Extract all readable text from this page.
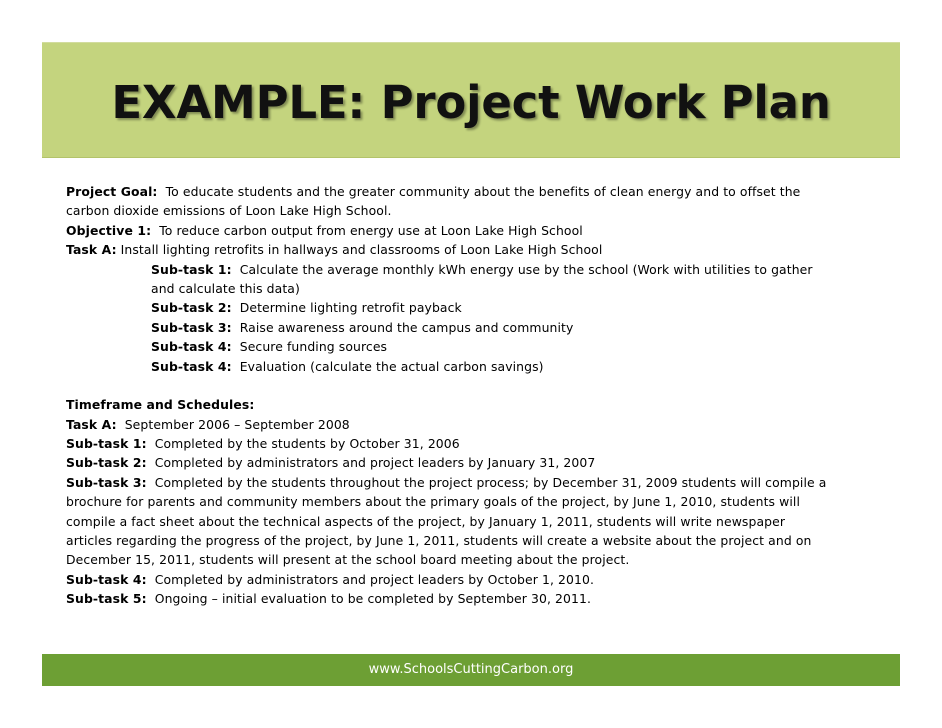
EXAMPLE: Project Work Plan
Project Goal: To educate students and the greater community about the benefits of clean energy and to offset the
carbon dioxide emissions of Loon Lake High School.
Objective 1: To reduce carbon output from energy use at Loon Lake High School
Task A: Install lighting retrofits in hallways and classrooms of Loon Lake High School
Sub-task 1: Calculate the average monthly kWh energy use by the school (Work with utilities to gather
and calculate this data)
Sub-task 2: Determine lighting retrofit payback
Sub-task 3: Raise awareness around the campus and community
Sub-task 4: Secure funding sources
Sub-task 4: Evaluation (calculate the actual carbon savings)
Timeframe and Schedules:
Task A: September 2006 – September 2008
Sub-task 1: Completed by the students by October 31, 2006
Sub-task 2: Completed by administrators and project leaders by January 31, 2007
Sub-task 3: Completed by the students throughout the project process; by December 31, 2009 students will compile a
brochure for parents and community members about the primary goals of the project, by June 1, 2010, students will
compile a fact sheet about the technical aspects of the project, by January 1, 2011, students will write newspaper
articles regarding the progress of the project, by June 1, 2011, students will create a website about the project and on
December 15, 2011, students will present at the school board meeting about the project.
Sub-task 4: Completed by administrators and project leaders by October 1, 2010.
Sub-task 5: Ongoing – initial evaluation to be completed by September 30, 2011.
www.SchoolsCuttingCarbon.org
